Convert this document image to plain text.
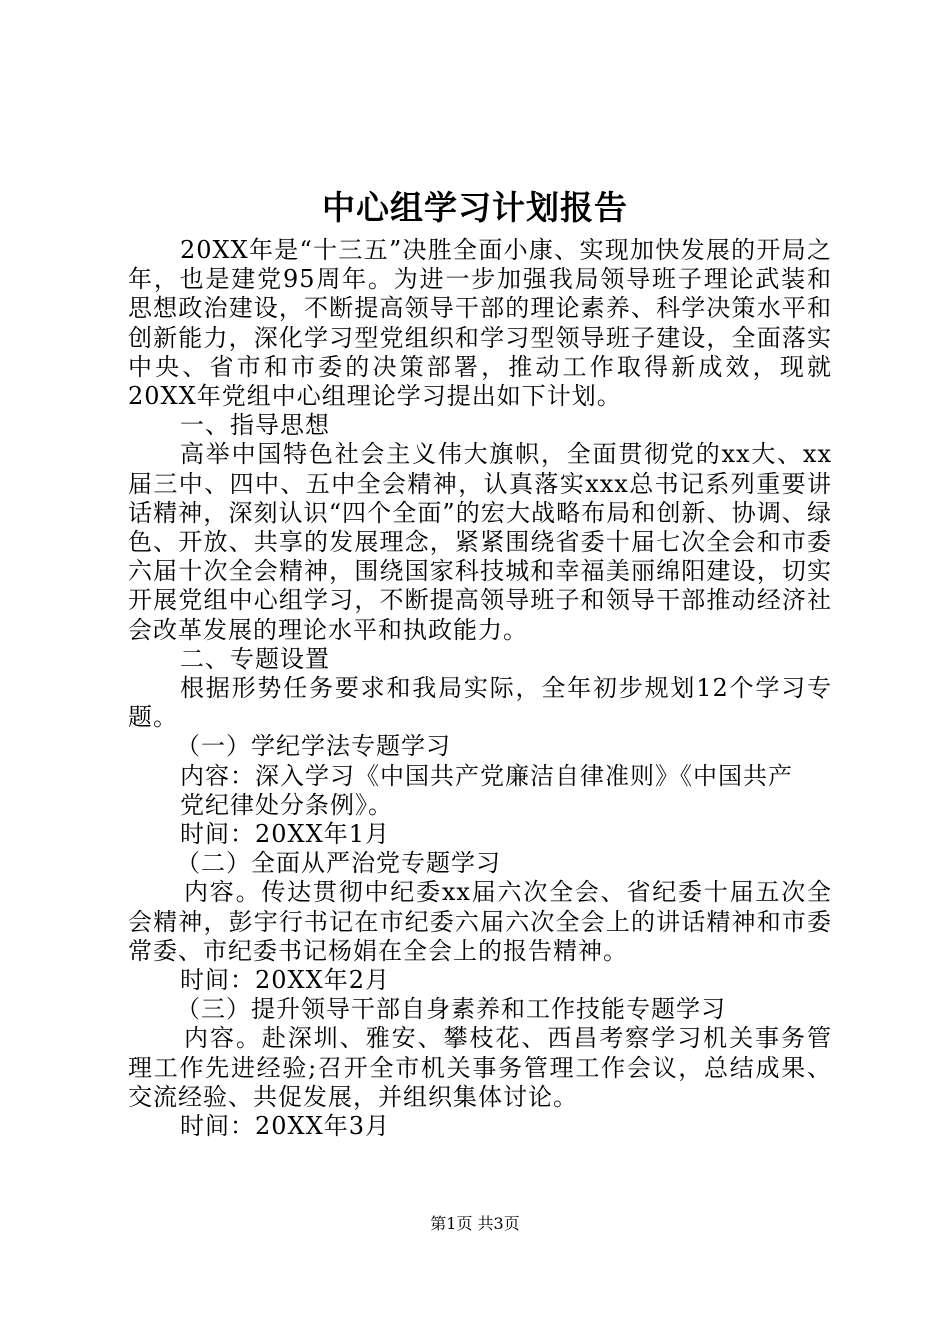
中心组学习计划报告

20XX年是“十三五”决胜全面小康、实现加快发展的开局之年，也是建党95周年。为进一步加强我局领导班子理论武装和思想政治建设，不断提高领导干部的理论素养、科学决策水平和创新能力，深化学习型党组织和学习型领导班子建设，全面落实中央、省市和市委的决策部署，推动工作取得新成效，现就20XX年党组中心组理论学习提出如下计划。

一、指导思想

高举中国特色社会主义伟大旗帜，全面贯彻党的xx大、xx届三中、四中、五中全会精神，认真落实xxx总书记系列重要讲话精神，深刻认识“四个全面”的宏大战略布局和创新、协调、绿色、开放、共享的发展理念，紧紧围绕省委十届七次全会和市委六届十次全会精神，围绕国家科技城和幸福美丽绵阳建设，切实开展党组中心组学习，不断提高领导班子和领导干部推动经济社会改革发展的理论水平和执政能力。

二、专题设置

根据形势任务要求和我局实际，全年初步规划12个学习专题。

（一）学纪学法专题学习

内容：深入学习《中国共产党廉洁自律准则》《中国共产

党纪律处分条例》。

时间：20XX年1月

（二）全面从严治党专题学习

内容。传达贯彻中纪委xx届六次全会、省纪委十届五次全会精神，彭宇行书记在市纪委六届六次全会上的讲话精神和市委常委、市纪委书记杨娟在全会上的报告精神。

时间：20XX年2月

（三）提升领导干部自身素养和工作技能专题学习

内容。赴深圳、雅安、攀枝花、西昌考察学习机关事务管理工作先进经验;召开全市机关事务管理工作会议，总结成果、交流经验、共促发展，并组织集体讨论。

时间：20XX年3月

第1页 共3页
